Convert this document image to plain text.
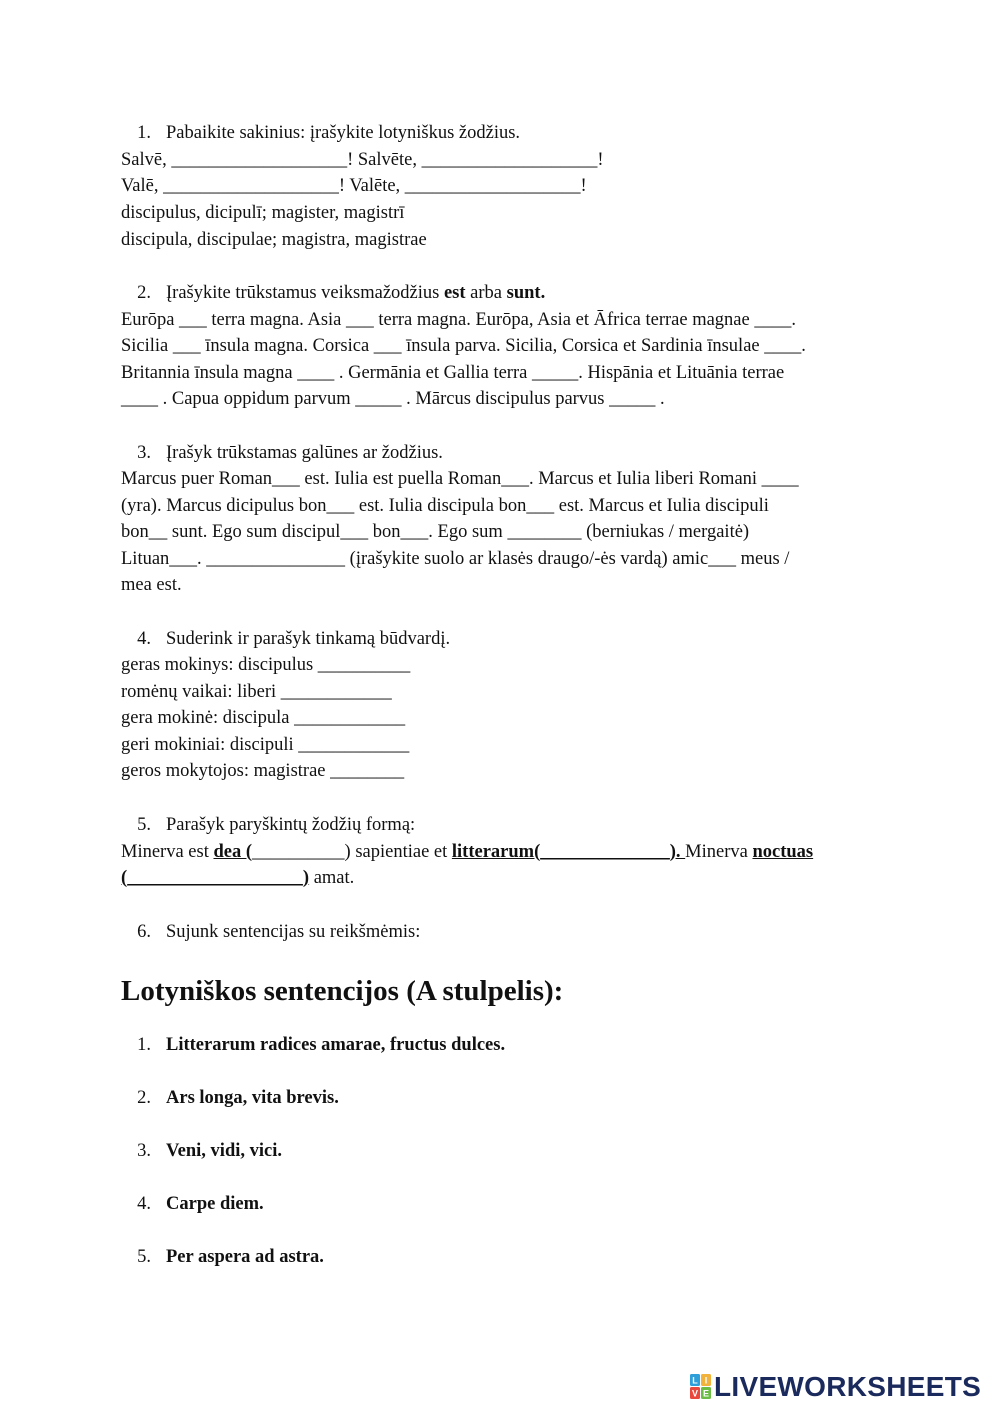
1. Pabaikite sakinius: įrašykite lotyniškus žodžius.

Salvē, ___________________! Salvēte, ___________________!

Valē, ___________________! Valēte, ___________________!

discipulus, dicipulī; magister, magistrī

discipula, discipulae; magistra, magistrae

2. Įrašykite trūkstamus veiksmažodžius est arba sunt.

Eurōpa ___ terra magna. Asia ___ terra magna. Eurōpa, Asia et Āfrica terrae magnae ____.

Sicilia ___ īnsula magna. Corsica ___ īnsula parva. Sicilia, Corsica et Sardinia īnsulae ____.

Britannia īnsula magna ____ . Germānia et Gallia terra _____. Hispānia et Lituānia terrae

____ . Capua oppidum parvum _____ . Mārcus discipulus parvus _____ .

3. Įrašyk trūkstamas galūnes ar žodžius.

Marcus puer Roman___ est. Iulia est puella Roman___. Marcus et Iulia liberi Romani ____

(yra). Marcus dicipulus bon___ est. Iulia discipula bon___ est. Marcus et Iulia discipuli

bon__ sunt. Ego sum discipul___ bon___. Ego sum ________ (berniukas / mergaitė)

Lituan___. _______________ (įrašykite suolo ar klasės draugo/-ės vardą) amic___ meus /

mea est.

4. Suderink ir parašyk tinkamą būdvardį.

geras mokinys: discipulus __________

romėnų vaikai: liberi ____________

gera mokinė: discipula ____________

geri mokiniai: discipuli ____________

geros mokytojos: magistrae ________

5. Parašyk paryškintų žodžių formą:

Minerva est dea (__________) sapientiae et litterarum(______________). Minerva noctuas

(___________________) amat.

6. Sujunk sentencijas su reikšmėmis:

Lotyniškos sentencijos (A stulpelis):

1. Litterarum radices amarae, fructus dulces.

2. Ars longa, vita brevis.

3. Veni, vidi, vici.

4. Carpe diem.

5. Per aspera ad astra.

L I
V E LIVEWORKSHEETS
